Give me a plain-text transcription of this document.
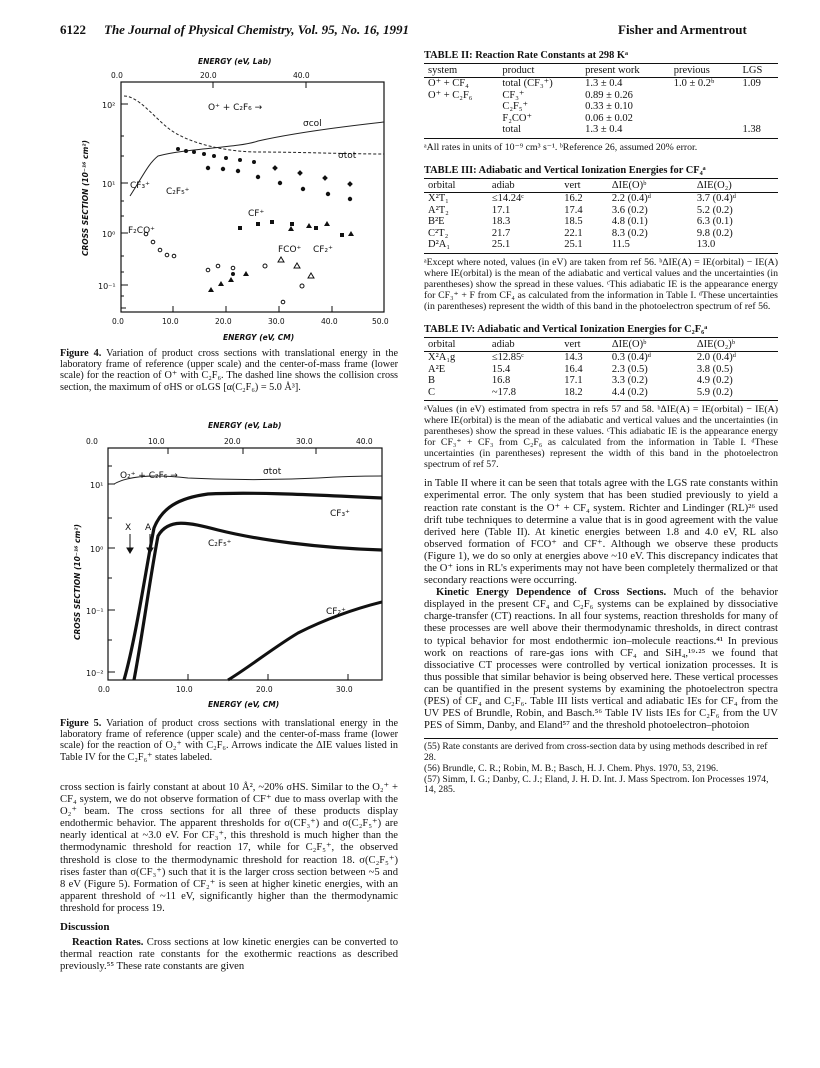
6122 The Journal of Physical Chemistry, Vol. 95, No. 16, 1991	Fisher and Armentrout
ENERGY (eV, Lab)
0.0	20.0	40.0
10²
10¹
10⁰
10⁻¹
CROSS SECTION (10⁻¹⁶ cm²)
O⁺ + C₂F₆ →
σcol
σtot
CF₃⁺
C₂F₅⁺
F₂CO⁺
CF⁺
FCO⁺ CF₂⁺
0.0	10.0	20.0	30.0	40.0	50.0
ENERGY (eV, CM)
Figure 4. Variation of product cross sections with translational energy in the laboratory frame of reference (upper scale) and the center-of-mass frame (lower scale) for the reaction of O⁺ with C₂F₆. The dashed line shows the collision cross section, the maximum of σHS or σLGS [α(C₂F₆) = 5.0 Å³].
ENERGY (eV, Lab)
0.0	10.0	20.0	30.0	40.0
10¹
10⁰
10⁻¹
10⁻²
CROSS SECTION (10⁻¹⁶ cm²)
O₂⁺ + C₂F₆ →	σtot
CF₃⁺
C₂F₅⁺
CF₂⁺
X A
0.0	10.0	20.0	30.0
ENERGY (eV, CM)
Figure 5. Variation of product cross sections with translational energy in the laboratory frame of reference (upper scale) and the center-of-mass frame (lower scale) for the reaction of O₂⁺ with C₂F₆. Arrows indicate the ΔIE values listed in Table IV for the C₂F₆⁺ states labeled.

cross section is fairly constant at about 10 Å², ~20% σHS. Similar to the O₂⁺ + CF₄ system, we do not observe formation of CF⁺ due to mass overlap with the O₂⁺ beam. The cross sections for all three of these products display endothermic behavior. The apparent thresholds for σ(CF₃⁺) and σ(C₂F₅⁺) are nearly identical at ~3.0 eV. For CF₃⁺, this threshold is much higher than the thermodynamic threshold for reaction 17, while for C₂F₅⁺, the observed threshold is close to the thermodynamic threshold for reaction 18. σ(C₂F₅⁺) rises faster than σ(CF₃⁺) such that it is the larger cross section between ~5 and 8 eV (Figure 5). Formation of CF₂⁺ is seen at higher kinetic energies, with an apparent threshold of ~11 eV, significantly higher than the thermodynamic threshold for process 19.

Discussion

Reaction Rates. Cross sections at low kinetic energies can be converted to thermal reaction rate constants for the exothermic reactions as described previously.⁵⁵ These rate constants are given

TABLE II: Reaction Rate Constants at 298 Kᵃ
system	product	present work	previous	LGS
O⁺ + CF₄	total (CF₃⁺)	1.3 ± 0.4	1.0 ± 0.2ᵇ	1.09
O⁺ + C₂F₆	CF₃⁺	0.89 ± 0.26		
	C₂F₅⁺	0.33 ± 0.10		
	F₂CO⁺	0.06 ± 0.02		
	total	1.3 ± 0.4		1.38
ᵃAll rates in units of 10⁻⁹ cm³ s⁻¹. ᵇReference 26, assumed 20% error.
TABLE III: Adiabatic and Vertical Ionization Energies for CF₄ᵃ
orbital	adiab	vert	ΔIE(O)ᵇ	ΔIE(O₂)
X²T₁	≤14.24ᶜ	16.2	2.2 (0.4)ᵈ	3.7 (0.4)ᵈ
A²T₂	17.1	17.4	3.6 (0.2)	5.2 (0.2)
B²E	18.3	18.5	4.8 (0.1)	6.3 (0.1)
C²T₂	21.7	22.1	8.3 (0.2)	9.8 (0.2)
D²A₁	25.1	25.1	11.5	13.0
ᵃExcept where noted, values (in eV) are taken from ref 56. ᵇΔIE(A) = IE(orbital) − IE(A) where IE(orbital) is the mean of the adiabatic and vertical values and the uncertainties (in parentheses) show the spread in these values. ᶜThis adiabatic IE is the appearance energy for CF₃⁺ + F from CF₄ as calculated from the information in Table I. ᵈThese uncertainties (in parentheses) represent the width of this band in the photoelectron spectrum of ref 56.
TABLE IV: Adiabatic and Vertical Ionization Energies for C₂F₆ᵃ
orbital	adiab	vert	ΔIE(O)ᵇ	ΔIE(O₂)ᵇ
X²A₁g	≤12.85ᶜ	14.3	0.3 (0.4)ᵈ	2.0 (0.4)ᵈ
A²E	15.4	16.4	2.3 (0.5)	3.8 (0.5)
B	16.8	17.1	3.3 (0.2)	4.9 (0.2)
C	~17.8	18.2	4.4 (0.2)	5.9 (0.2)
ᵃValues (in eV) estimated from spectra in refs 57 and 58. ᵇΔIE(A) = IE(orbital) − IE(A) where IE(orbital) is the mean of the adiabatic and vertical values and the uncertainties (in parentheses) show the spread in these values. ᶜThis adiabatic IE is the appearance energy for CF₃⁺ + CF₃ from C₂F₆ as calculated from the information in Table I. ᵈThese uncertainties (in parentheses) represent the width of this band in the photoelectron spectrum of ref 57.

in Table II where it can be seen that totals agree with the LGS rate constants within experimental error. The only system that has been studied previously to yield a reaction rate constant is the O⁺ + CF₄ system. Richter and Lindinger (RL)²⁶ used drift tube techniques to determine a value that is in good agreement with the value derived here (Table II). At kinetic energies between 1.8 and 4.0 eV, RL also observed formation of FCO⁺ and CF⁺. Although we observe these products (Figure 1), we do so only at energies above ~10 eV. This discrepancy indicates that the O⁺ ions in RL's experiments may not have been completely thermalized or that secondary reactions were occurring.

Kinetic Energy Dependence of Cross Sections. Much of the behavior displayed in the present CF₄ and C₂F₆ systems can be explained by dissociative charge-transfer (CT) reactions. In all four systems, reaction thresholds for many of these processes are well above their thermodynamic thresholds, in direct contrast to typical behavior for most endothermic ion–molecule reactions.⁴¹ In previous work on reactions of rare-gas ions with CF₄ and SiH₄,¹⁹·²⁵ we found that dissociative CT processes were controlled by vertical ionization processes. It is thus possible that similar behavior is being observed here. These vertical processes can be quantified in the present systems by examining the photoelectron spectra (PES) of CF₄ and C₂F₆. Table III lists vertical and adiabatic IEs for CF₄ from the UV PES of Brundle, Robin, and Basch.⁵⁶ Table IV lists IEs for C₂F₆ from the UV PES of Simm, Danby, and Eland⁵⁷ and the threshold photoelectron–photoion

(55) Rate constants are derived from cross-section data by using methods described in ref 28.
(56) Brundle, C. R.; Robin, M. B.; Basch, H. J. Chem. Phys. 1970, 53, 2196.
(57) Simm, I. G.; Danby, C. J.; Eland, J. H. D. Int. J. Mass Spectrom. Ion Processes 1974, 14, 285.
